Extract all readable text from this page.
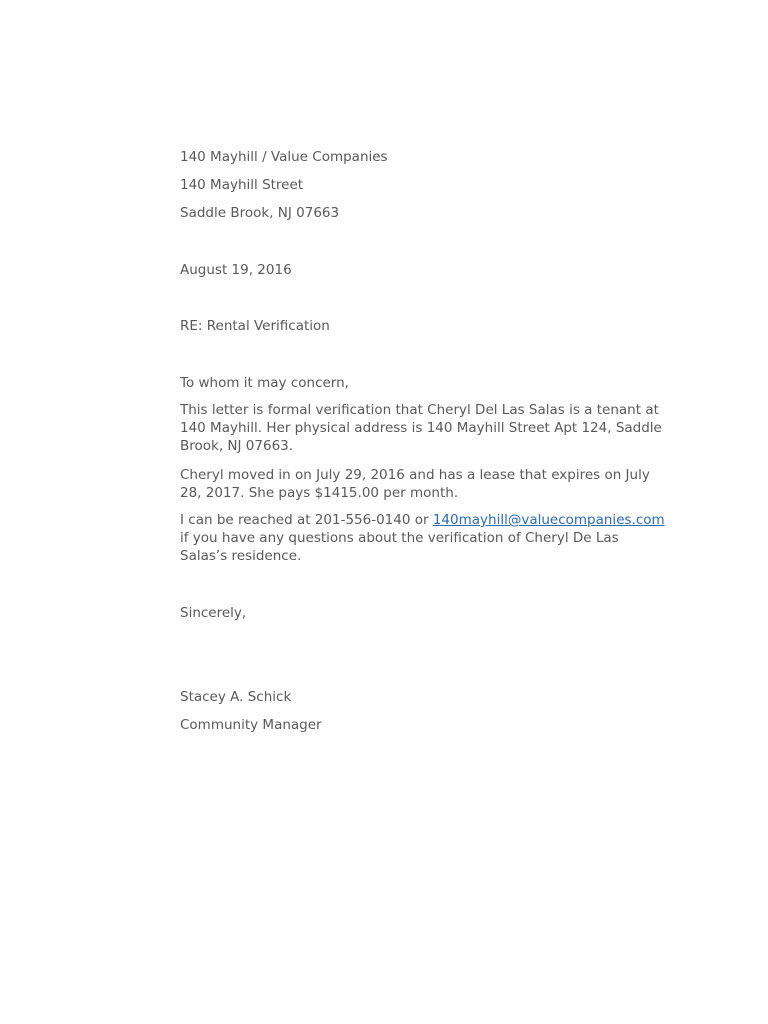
140 Mayhill / Value Companies
140 Mayhill Street
Saddle Brook, NJ 07663
August 19, 2016
RE: Rental Verification
To whom it may concern,
This letter is formal verification that Cheryl Del Las Salas is a tenant at
140 Mayhill. Her physical address is 140 Mayhill Street Apt 124, Saddle
Brook, NJ 07663.
Cheryl moved in on July 29, 2016 and has a lease that expires on July
28, 2017. She pays $1415.00 per month.
I can be reached at 201-556-0140 or 140mayhill@valuecompanies.com
if you have any questions about the verification of Cheryl De Las
Salas’s residence.
Sincerely,
Stacey A. Schick
Community Manager
